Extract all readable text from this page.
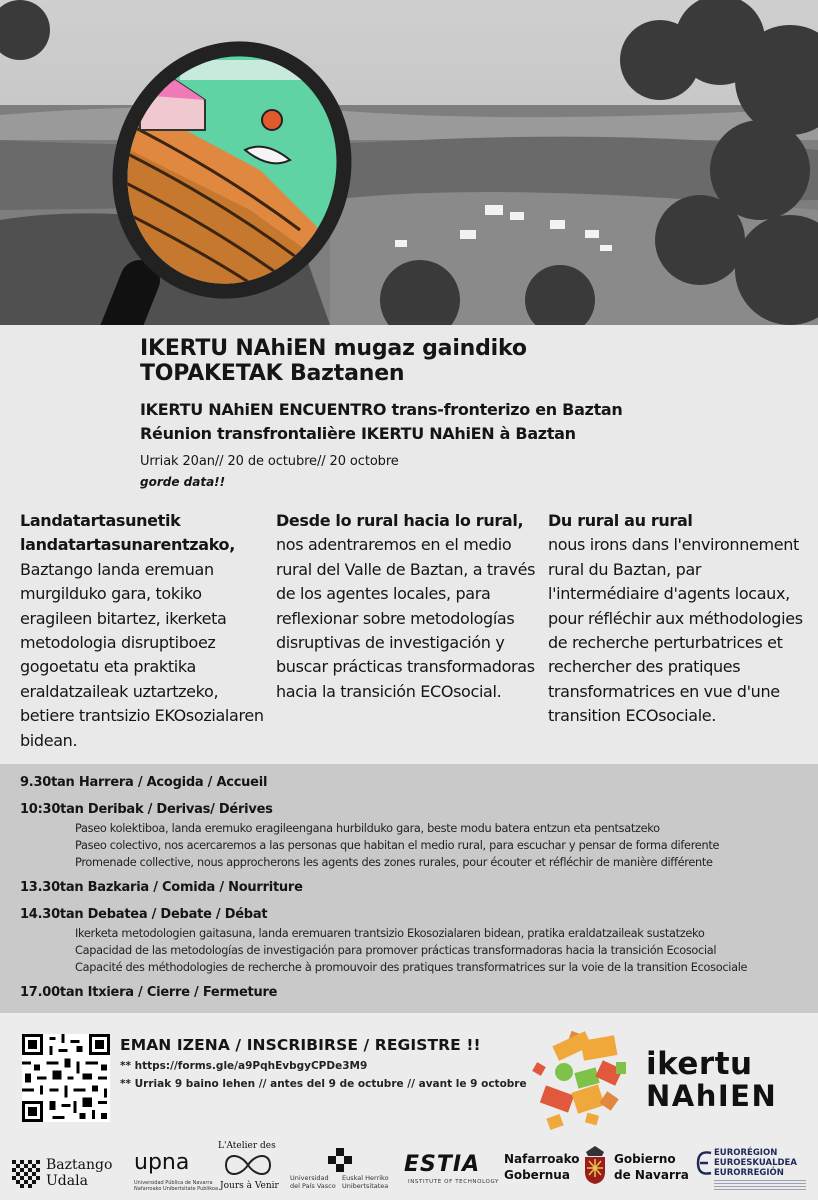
IKERTU NAhiEN mugaz gaindiko
TOPAKETAK Baztanen
IKERTU NAhiEN ENCUENTRO trans-fronterizo en Baztan
Réunion transfrontalière IKERTU NAhiEN à Baztan
Urriak 20an// 20 de octubre// 20 octobre
gorde data!!
Landatartasunetik landatartasunarentzako, Baztango landa eremuan murgilduko gara, tokiko eragileen bitartez, ikerketa metodologia disruptiboez gogoetatu eta praktika eraldatzaileak uztartzeko, betiere trantsizio EKOsozialaren bidean.
Desde lo rural hacia lo rural, nos adentraremos en el medio rural del Valle de Baztan, a través de los agentes locales, para reflexionar sobre metodologías disruptivas de investigación y buscar prácticas transformadoras hacia la transición ECOsocial.
Du rural au rural
nous irons dans l'environnement rural du Baztan, par l'intermédiaire d'agents locaux, pour réfléchir aux méthodologies de recherche perturbatrices et rechercher des pratiques transformatrices en vue d'une transition ECOsociale.
9.30tan Harrera / Acogida / Accueil
10:30tan Deribak / Derivas/ Dérives
Paseo kolektiboa, landa eremuko eragileengana hurbilduko gara, beste modu batera entzun eta pentsatzeko
Paseo colectivo, nos acercaremos a las personas que habitan el medio rural, para escuchar y pensar de forma diferente
Promenade collective, nous approcherons les agents des zones rurales, pour écouter et réfléchir de manière différente
13.30tan Bazkaria / Comida / Nourriture
14.30tan Debatea / Debate / Débat
Ikerketa metodologien gaitasuna, landa eremuaren trantsizio Ekosozialaren bidean, pratika eraldatzaileak sustatzeko
Capacidad de las metodologías de investigación para promover prácticas transformadoras hacia la transición Ecosocial
Capacité des méthodologies de recherche à promouvoir des pratiques transformatrices sur la voie de la transition Ecosociale
17.00tan Itxiera / Cierre / Fermeture
EMAN IZENA / INSCRIBIRSE / REGISTRE !!
** https://forms.gle/a9PqhEvbgyCPDe3M9
** Urriak 9 baino lehen // antes del 9 de octubre // avant le 9 octobre
ikertu
NAhIEN
Baztango
Udala
upna
Universidad Pública de Navarra
Nafarroako Unibertsitate Publikoa
L'Atelier des
Jours à Venir
Universidad
del País Vasco
Euskal Herriko
Unibertsitatea
ESTIA
INSTITUTE OF TECHNOLOGY
Nafarroako
Gobernua
Gobierno
de Navarra
EURORÉGION
EUROESKUALDEA
EURORREGIÓN
